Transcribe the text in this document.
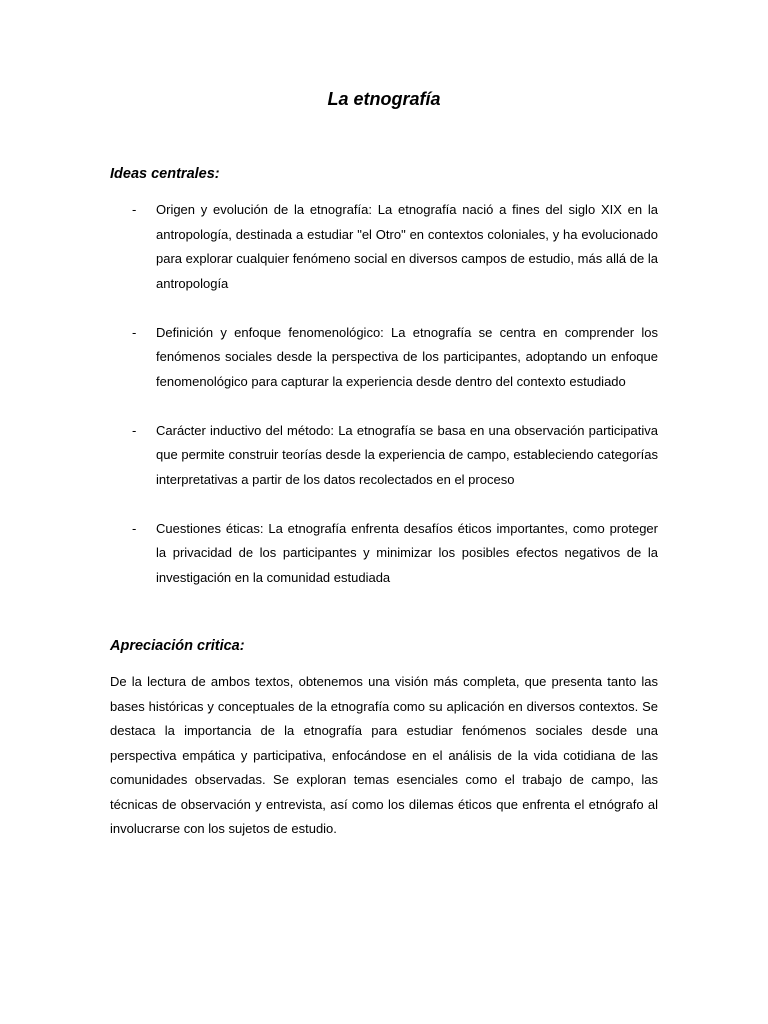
La etnografía
Ideas centrales:
- Origen y evolución de la etnografía: La etnografía nació a fines del siglo XIX en la antropología, destinada a estudiar "el Otro" en contextos coloniales, y ha evolucionado para explorar cualquier fenómeno social en diversos campos de estudio, más allá de la antropología
- Definición y enfoque fenomenológico: La etnografía se centra en comprender los fenómenos sociales desde la perspectiva de los participantes, adoptando un enfoque fenomenológico para capturar la experiencia desde dentro del contexto estudiado
- Carácter inductivo del método: La etnografía se basa en una observación participativa que permite construir teorías desde la experiencia de campo, estableciendo categorías interpretativas a partir de los datos recolectados en el proceso
- Cuestiones éticas: La etnografía enfrenta desafíos éticos importantes, como proteger la privacidad de los participantes y minimizar los posibles efectos negativos de la investigación en la comunidad estudiada
Apreciación critica:

De la lectura de ambos textos, obtenemos una visión más completa, que presenta tanto las bases históricas y conceptuales de la etnografía como su aplicación en diversos contextos. Se destaca la importancia de la etnografía para estudiar fenómenos sociales desde una perspectiva empática y participativa, enfocándose en el análisis de la vida cotidiana de las comunidades observadas. Se exploran temas esenciales como el trabajo de campo, las técnicas de observación y entrevista, así como los dilemas éticos que enfrenta el etnógrafo al involucrarse con los sujetos de estudio.
